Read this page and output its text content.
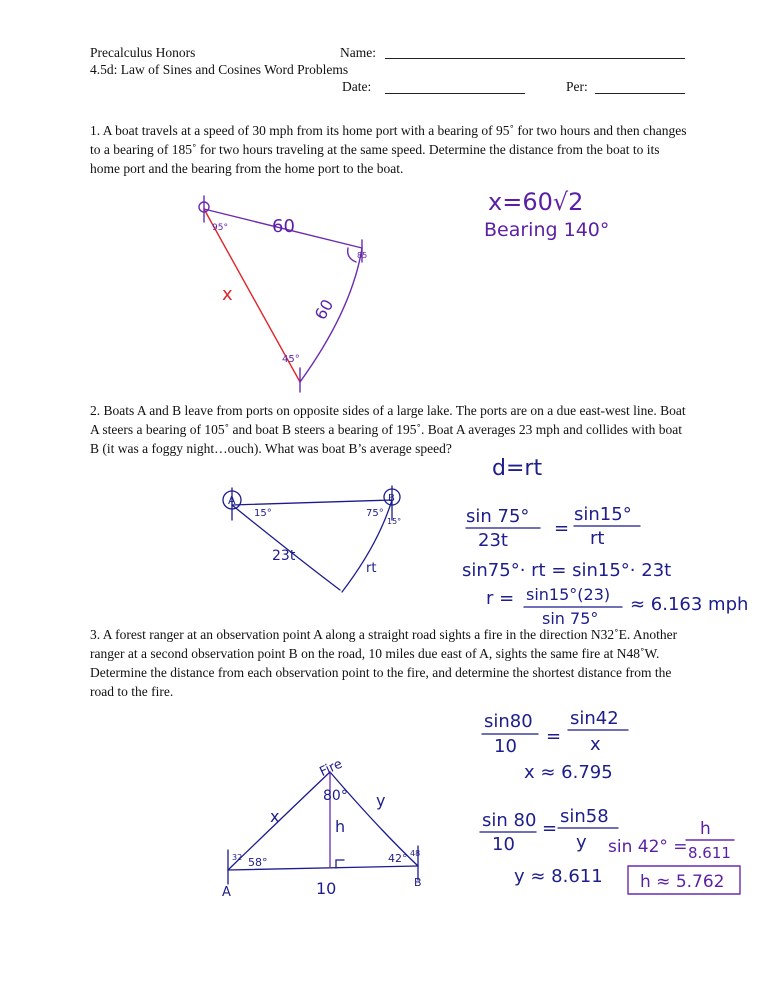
Precalculus Honors
4.5d: Law of Sines and Cosines Word Problems
Name:
Date:	Per:
1. A boat travels at a speed of 30 mph from its home port with a bearing of 95˚ for two hours and then changes to a bearing of 185˚ for two hours traveling at the same speed. Determine the distance from the boat to its home port and the bearing from the home port to the boat.
2. Boats A and B leave from ports on opposite sides of a large lake. The ports are on a due east-west line. Boat A steers a bearing of 105˚ and boat B steers a bearing of 195˚. Boat A averages 23 mph and collides with boat B (it was a foggy night…ouch). What was boat B’s average speed?
3. A forest ranger at an observation point A along a straight road sights a fire in the direction N32˚E. Another ranger at a second observation point B on the road, 10 miles due east of A, sights the same fire at N48˚W. Determine the distance from each observation point to the fire, and determine the shortest distance from the road to the fire.
95°
85
45°
60
60
x
x=60√2
Bearing 140°
A	B
15°	75°
15°
23t
rt
d=rt
sin 75°
23t
=
sin15°
rt
sin75°· rt = sin15°· 23t
r = sin15°(23)
sin 75°
≈ 6.163 mph
Fire
80°
x
y
h
10
58°
32	42° 48
A
B
sin80
10 =
sin42
x
x ≈ 6.795
sin 80
10
=
sin58
y
y ≈ 8.611
sin 42° =
h
8.611
h ≈ 5.762
